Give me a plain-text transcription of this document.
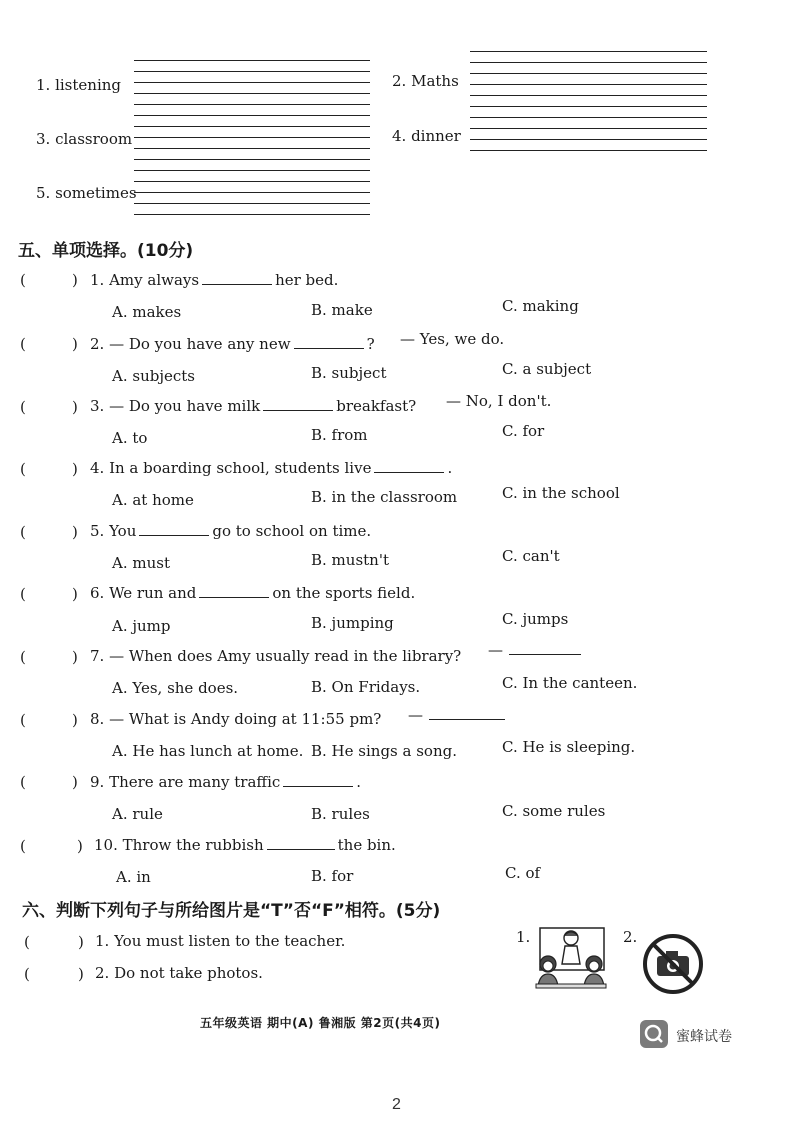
1. listening	2. Maths
3. classroom	4. dinner
5. sometimes
五、单项选择。(10分)
(	) 1. Amy always	her bed.
A. makes	B. make	C. making
(	) 2. — Do you have any new	? — Yes, we do.
A. subjects	B. subject	C. a subject
(	) 3. — Do you have milk	breakfast? — No, I don't.
A. to	B. from	C. for
(	) 4. In a boarding school, students live	.
A. at home	B. in the classroom	C. in the school
(	) 5. You	go to school on time.
A. must	B. mustn't	C. can't
(	) 6. We run and	on the sports field.
A. jump	B. jumping	C. jumps
(	) 7. — When does Amy usually read in the library? —
A. Yes, she does.	B. On Fridays.	C. In the canteen.
(	) 8. — What is Andy doing at 11:55 pm? —
A. He has lunch at home. B. He sings a song.	C. He is sleeping.
(	) 9. There are many traffic	.
A. rule	B. rules	C. some rules
(	) 10. Throw the rubbish	the bin.
A. in	B. for	C. of
六、判断下列句子与所给图片是“T”否“F”相符。(5分)
(	) 1. You must listen to the teacher.
(	) 2. Do not take photos.
1.	2.
五年级英语 期中(A) 鲁湘版 第2页(共4页)
蜜蜂试卷
2
